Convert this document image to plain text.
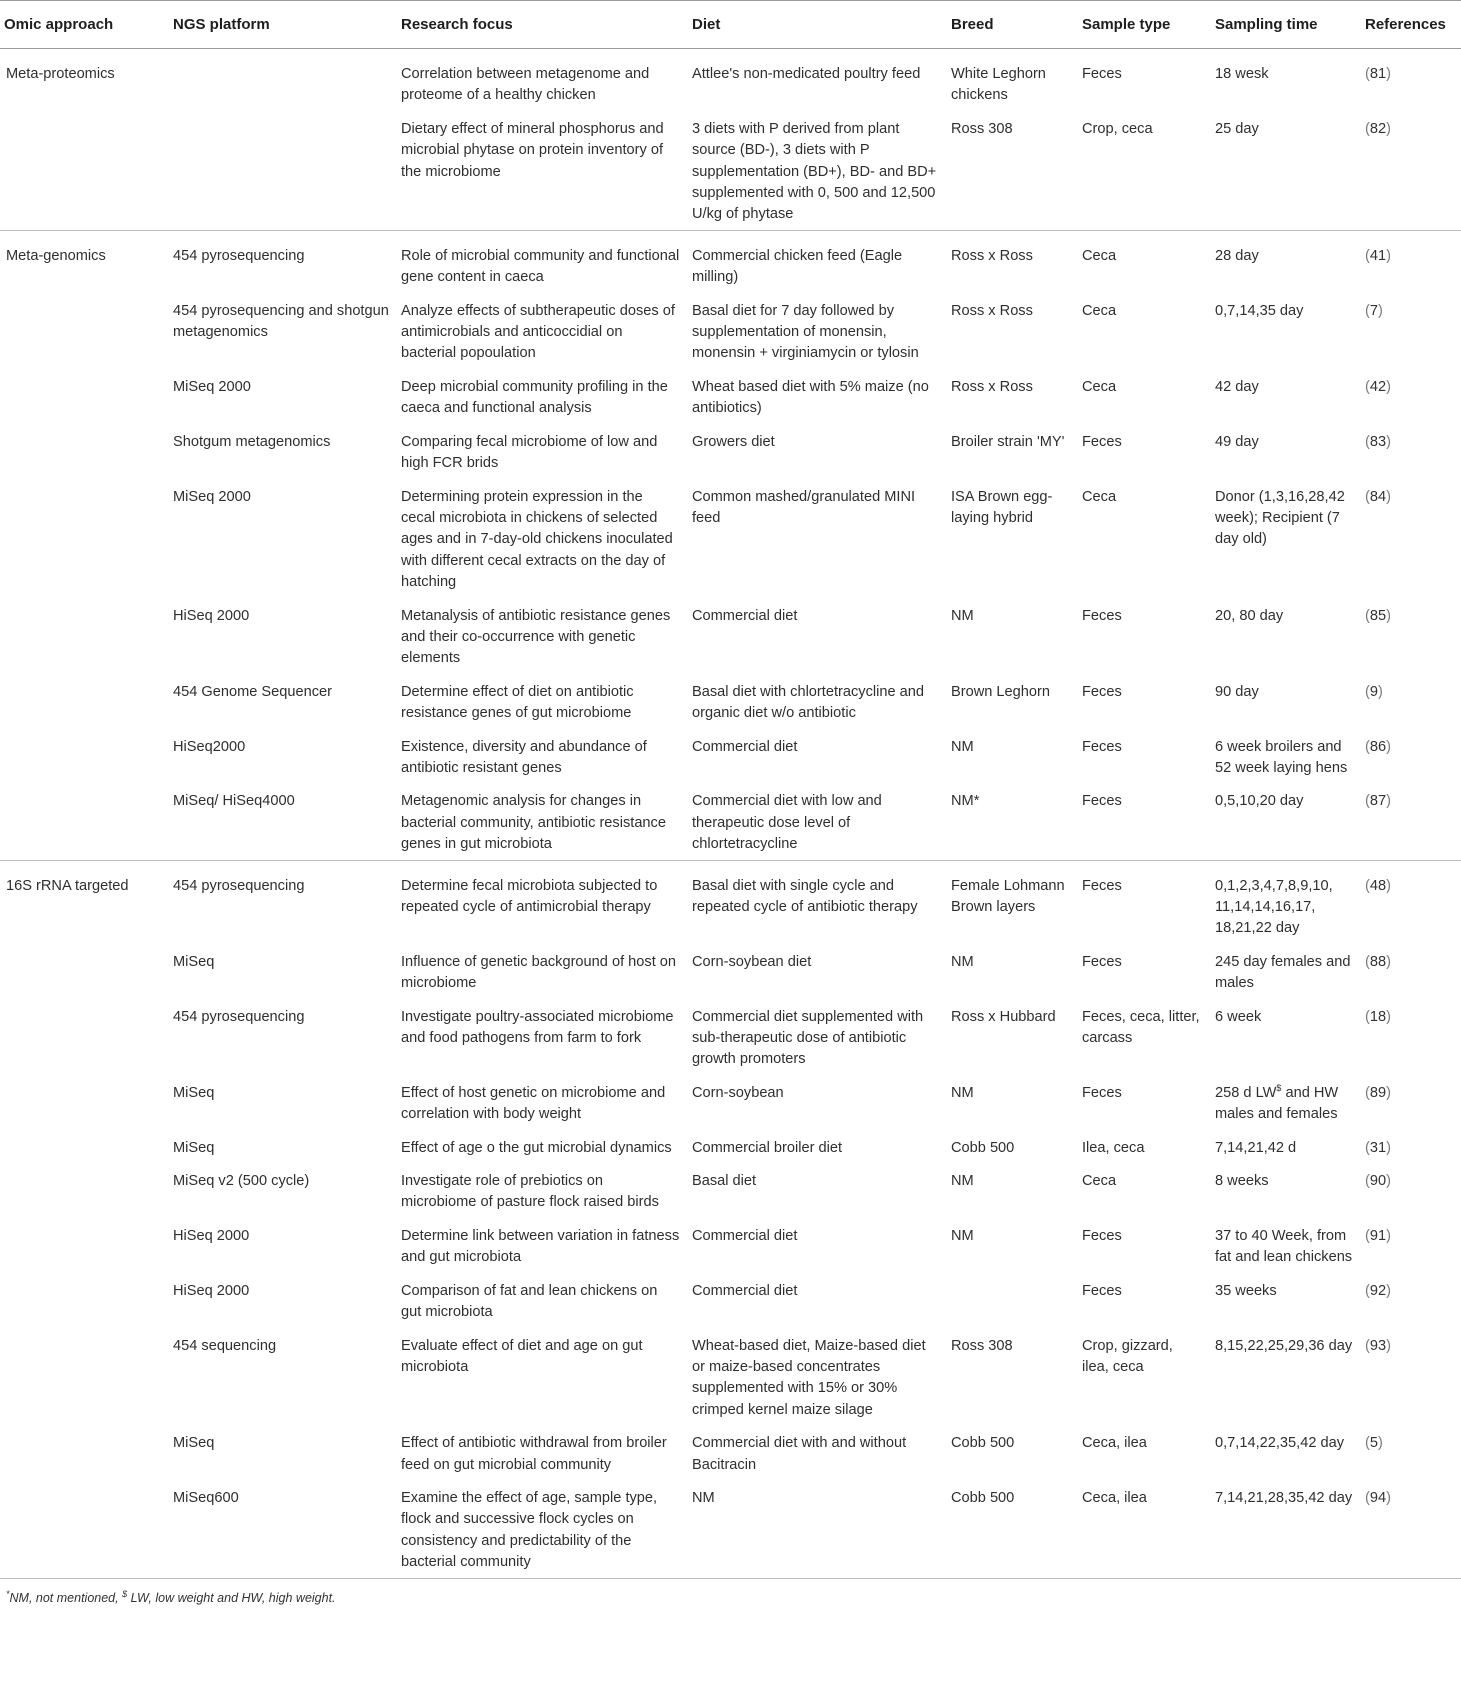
Omic approach	NGS platform	Research focus	Diet	Breed	Sample type	Sampling time	References
Meta-proteomics		Correlation between metagenome and proteome of a healthy chicken	Attlee's non-medicated poultry feed	White Leghorn chickens	Feces	18 wesk	(81)
		Dietary effect of mineral phosphorus and microbial phytase on protein inventory of the microbiome	3 diets with P derived from plant source (BD-), 3 diets with P supplementation (BD+), BD- and BD+ supplemented with 0, 500 and 12,500 U/kg of phytase	Ross 308	Crop, ceca	25 day	(82)
Meta-genomics	454 pyrosequencing	Role of microbial community and functional gene content in caeca	Commercial chicken feed (Eagle milling)	Ross x Ross	Ceca	28 day	(41)
	454 pyrosequencing and shotgun metagenomics	Analyze effects of subtherapeutic doses of antimicrobials and anticoccidial on bacterial popoulation	Basal diet for 7 day followed by supplementation of monensin, monensin + virginiamycin or tylosin	Ross x Ross	Ceca	0,7,14,35 day	(7)
	MiSeq 2000	Deep microbial community profiling in the caeca and functional analysis	Wheat based diet with 5% maize (no antibiotics)	Ross x Ross	Ceca	42 day	(42)
	Shotgum metagenomics	Comparing fecal microbiome of low and high FCR brids	Growers diet	Broiler strain 'MY'	Feces	49 day	(83)
	MiSeq 2000	Determining protein expression in the cecal microbiota in chickens of selected ages and in 7-day-old chickens inoculated with different cecal extracts on the day of hatching	Common mashed/granulated MINI feed	ISA Brown egg-laying hybrid	Ceca	Donor (1,3,16,28,42 week); Recipient (7 day old)	(84)
	HiSeq 2000	Metanalysis of antibiotic resistance genes and their co-occurrence with genetic elements	Commercial diet	NM	Feces	20, 80 day	(85)
	454 Genome Sequencer	Determine effect of diet on antibiotic resistance genes of gut microbiome	Basal diet with chlortetracycline and organic diet w/o antibiotic	Brown Leghorn	Feces	90 day	(9)
	HiSeq2000	Existence, diversity and abundance of antibiotic resistant genes	Commercial diet	NM	Feces	6 week broilers and 52 week laying hens	(86)
	MiSeq/ HiSeq4000	Metagenomic analysis for changes in bacterial community, antibiotic resistance genes in gut microbiota	Commercial diet with low and therapeutic dose level of chlortetracycline	NM*	Feces	0,5,10,20 day	(87)
16S rRNA targeted	454 pyrosequencing	Determine fecal microbiota subjected to repeated cycle of antimicrobial therapy	Basal diet with single cycle and repeated cycle of antibiotic therapy	Female Lohmann Brown layers	Feces	0,1,2,3,4,7,8,9,10, 11,14,14,16,17, 18,21,22 day	(48)
	MiSeq	Influence of genetic background of host on microbiome	Corn-soybean diet	NM	Feces	245 day females and males	(88)
	454 pyrosequencing	Investigate poultry-associated microbiome and food pathogens from farm to fork	Commercial diet supplemented with sub-therapeutic dose of antibiotic growth promoters	Ross x Hubbard	Feces, ceca, litter, carcass	6 week	(18)
	MiSeq	Effect of host genetic on microbiome and correlation with body weight	Corn-soybean	NM	Feces	258 d LW$ and HW males and females	(89)
	MiSeq	Effect of age o the gut microbial dynamics	Commercial broiler diet	Cobb 500	Ilea, ceca	7,14,21,42 d	(31)
	MiSeq v2 (500 cycle)	Investigate role of prebiotics on microbiome of pasture flock raised birds	Basal diet	NM	Ceca	8 weeks	(90)
	HiSeq 2000	Determine link between variation in fatness and gut microbiota	Commercial diet	NM	Feces	37 to 40 Week, from fat and lean chickens	(91)
	HiSeq 2000	Comparison of fat and lean chickens on gut microbiota	Commercial diet		Feces	35 weeks	(92)
	454 sequencing	Evaluate effect of diet and age on gut microbiota	Wheat-based diet, Maize-based diet or maize-based concentrates supplemented with 15% or 30% crimped kernel maize silage	Ross 308	Crop, gizzard, ilea, ceca	8,15,22,25,29,36 day	(93)
	MiSeq	Effect of antibiotic withdrawal from broiler feed on gut microbial community	Commercial diet with and without Bacitracin	Cobb 500	Ceca, ilea	0,7,14,22,35,42 day	(5)
	MiSeq600	Examine the effect of age, sample type, flock and successive flock cycles on consistency and predictability of the bacterial community	NM	Cobb 500	Ceca, ilea	7,14,21,28,35,42 day	(94)
*NM, not mentioned, $ LW, low weight and HW, high weight.
